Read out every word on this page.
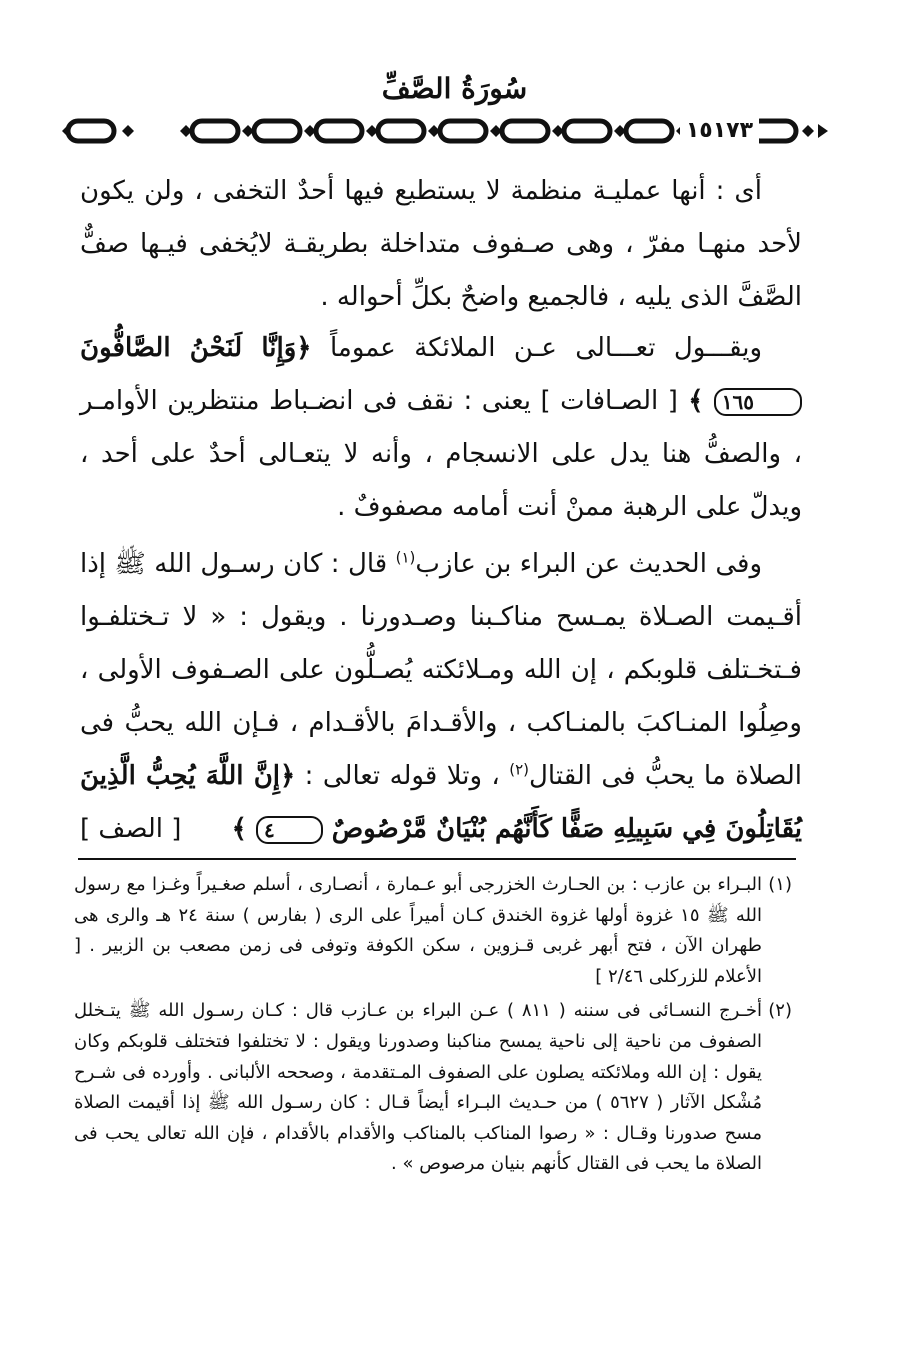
سُورَةُ الصَّفِّ
١٥١٧٣

أى : أنها عمليـة منظمة لا يستطيع فيها أحدٌ التخفى ، ولن يكون لأحد منهـا مفرّ ، وهى صـفوف متداخلة بطريقـة لايُخفى فيـها صفٌّ الصَّفَّ الذى يليه ، فالجميع واضحٌ بكلِّ أحواله .

ويقـــول تعـــالى عـن الملائكة عموماً ﴿وَإِنَّا لَنَحْنُ الصَّافُّونَ ١٦٥ ﴾ [ الصـافات ] يعنى : نقف فى انضـباط منتظرين الأوامـر ، والصفُّ هنا يدل على الانسجام ، وأنه لا يتعـالى أحدٌ على أحد ، ويدلّ على الرهبة ممنْ أنت أمامه مصفوفٌ .

وفى الحديث عن البراء بن عازب$^{(١)}$ قال : كان رسـول الله ﷺ إذا أقـيمت الصـلاة يمـسح مناكـبنا وصـدورنا . ويقول : « لا تـختلفـوا فـتخـتلف قلوبكم ، إن الله ومـلائكته يُصـلُّون على الصـفوف الأولى ، وصِلُوا المنـاكبَ بالمنـاكب ، والأقـدامَ بالأقـدام ، فـإن الله يحبُّ فى الصلاة ما يحبُّ فى القتال$^{(٢)}$ ، وتلا قوله تعالى : ﴿إِنَّ اللَّهَ يُحِبُّ الَّذِينَ يُقَاتِلُونَ فِي سَبِيلِهِ صَفًّا كَأَنَّهُم بُنْيَانٌ مَّرْصُوصٌ ٤ ﴾
[ الصف ]

(١)
البـراء بن عازب : بن الحـارث الخزرجى أبو عـمارة ، أنصـارى ، أسلم صغـيراً وغـزا مع رسول الله ﷺ ١٥ غزوة أولها غزوة الخندق كـان أميراً على الرى ( بفارس ) سنة ٢٤ هـ والرى هى طهران الآن ، فتح أبهر غربى قـزوين ، سكن الكوفة وتوفى فى زمن مصعب بن الزبير . [ الأعلام للزركلى ٢/٤٦ ]

(٢)
أخـرج النسـائى فى سننه ( ٨١١ ) عـن البراء بن عـازب قال : كـان رسـول الله ﷺ يتـخلل الصفوف من ناحية إلى ناحية يمسح مناكبنا وصدورنا ويقول : لا تختلفوا فتختلف قلوبكم وكان يقول : إن الله وملائكته يصلون على الصفوف المـتقدمة ، وصححه الألبانى . وأورده فى شـرح مُشْكل الآثار ( ٥٦٢٧ ) من حـديث البـراء أيضاً قـال : كان رسـول الله ﷺ إذا أقيمت الصلاة مسح صدورنا وقـال : « رصوا المناكب بالمناكب والأقدام بالأقدام ، فإن الله تعالى يحب فى الصلاة ما يحب فى القتال كأنهم بنيان مرصوص » .
